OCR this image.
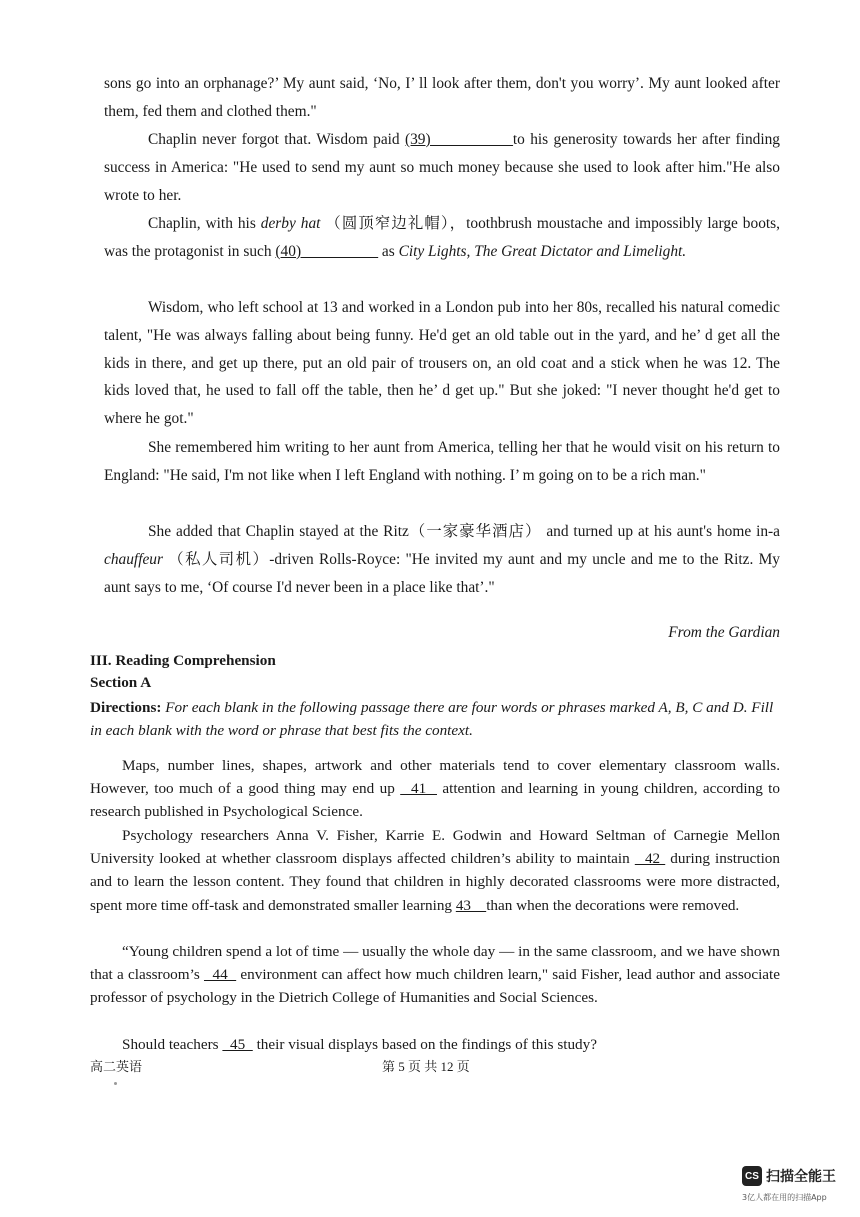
sons go into an orphanage?’ My aunt said, ‘No, I’ ll look after them, don't you worry’. My aunt looked after them, fed them and clothed them."

Chaplin never forgot that. Wisdom paid (39) __________to his generosity towards her after finding success in America: "He used to send my aunt so much money because she used to look after him."He also wrote to her.

Chaplin, with his derby hat （圆顶窄边礼帽），toothbrush moustache and impossibly large boots, was the protagonist in such (40)__________ as City Lights, The Great Dictator and Limelight.

Wisdom, who left school at 13 and worked in a London pub into her 80s, recalled his natural comedic talent, "He was always falling about being funny. He'd get an old table out in the yard, and he’ d get all the kids in there, and get up there, put an old pair of trousers on, an old coat and a stick when he was 12. The kids loved that, he used to fall off the table, then he’ d get up." But she joked: "I never thought he'd get to where he got."

She remembered him writing to her aunt from America, telling her that he would visit on his return to England: "He said, I'm not like when I left England with nothing. I’ m going on to be a rich man."

She added that Chaplin stayed at the Ritz（一家豪华酒店） and turned up at his aunt's home in-a chauffeur （私人司机）-driven Rolls-Royce: "He invited my aunt and my uncle and me to the Ritz. My aunt says to me, ‘Of course I'd never been in a place like that’."

From the Gardian
III. Reading Comprehension
Section A
Directions: For each blank in the following passage there are four words or phrases marked A, B, C and D. Fill in each blank with the word or phrase that best fits the context.

Maps, number lines, shapes, artwork and other materials tend to cover elementary classroom walls. However, too much of a good thing may end up   41   attention and learning in young children, according to research published in Psychological Science.

Psychology researchers Anna V. Fisher, Karrie E. Godwin and Howard Seltman of Carnegie Mellon University looked at whether classroom displays affected children’s ability to maintain   42  during instruction and to learn the lesson content. They found that children in highly decorated classrooms were more distracted, spent more time off-task and demonstrated smaller learning 43    than when the decorations were removed.

“Young children spend a lot of time — usually the whole day — in the same classroom, and we have shown that a classroom’s   44   environment can affect how much children learn," said Fisher, lead author and associate professor of psychology in the Dietrich College of Humanities and Social Sciences.

Should teachers   45   their visual displays based on the findings of this study?

高二英语	第 5 页 共 12 页
CS 扫描全能王
3亿人都在用的扫描App
